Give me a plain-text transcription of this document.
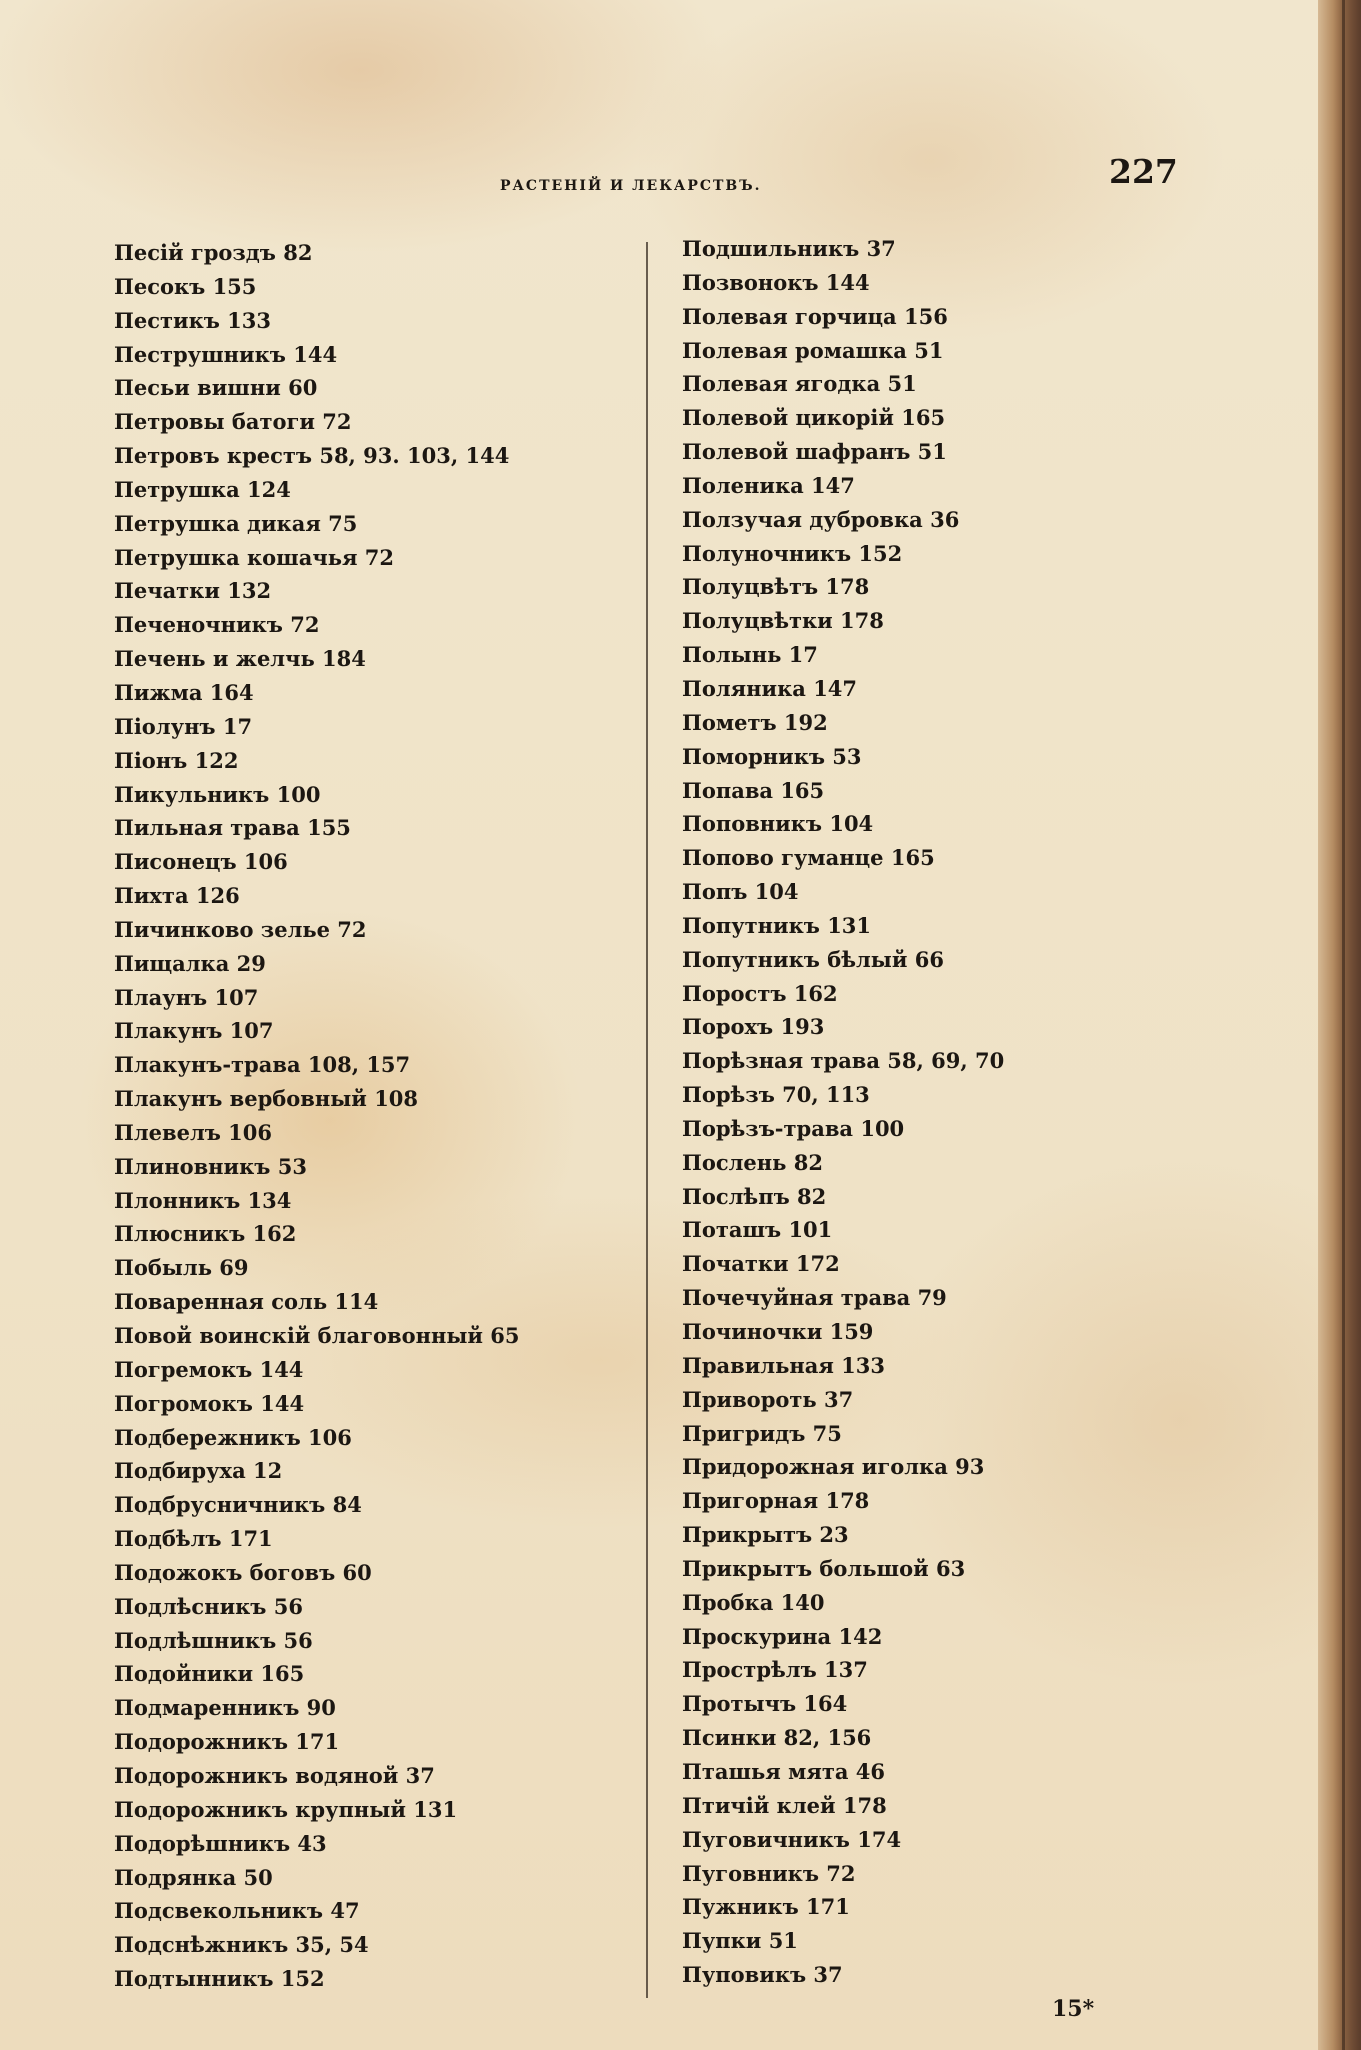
РАСТЕНIЙ И ЛЕКАРСТВЪ.	227
Песiй гроздъ 82
Песокъ 155
Пестикъ 133
Пеструшникъ 144
Песьи вишни 60
Петровы батоги 72
Петровъ крестъ 58, 93. 103, 144
Петрушка 124
Петрушка дикая 75
Петрушка кошачья 72
Печатки 132
Печеночникъ 72
Печень и желчь 184
Пижма 164
Пiолунъ 17
Пiонъ 122
Пикульникъ 100
Пильная трава 155
Писонецъ 106
Пихта 126
Пичинково зелье 72
Пищалка 29
Плаунъ 107
Плакунъ 107
Плакунъ-трава 108, 157
Плакунъ вербовный 108
Плевелъ 106
Плиновникъ 53
Плонникъ 134
Плюсникъ 162
Побыль 69
Поваренная соль 114
Повой воинскiй благовонный 65
Погремокъ 144
Погромокъ 144
Подбережникъ 106
Подбируха 12
Подбрусничникъ 84
Подбѣлъ 171
Подожокъ боговъ 60
Подлѣсникъ 56
Подлѣшникъ 56
Подойники 165
Подмаренникъ 90
Подорожникъ 171
Подорожникъ водяной 37
Подорожникъ крупный 131
Подорѣшникъ 43
Подрянка 50
Подсвекольникъ 47
Подснѣжникъ 35, 54
Подтынникъ 152
Подшильникъ 37
Позвонокъ 144
Полевая горчица 156
Полевая ромашка 51
Полевая ягодка 51
Полевой цикорiй 165
Полевой шафранъ 51
Поленика 147
Ползучая дубровка 36
Полуночникъ 152
Полуцвѣтъ 178
Полуцвѣтки 178
Полынь 17
Поляника 147
Пометъ 192
Поморникъ 53
Попава 165
Поповникъ 104
Попово гуманце 165
Попъ 104
Попутникъ 131
Попутникъ бѣлый 66
Поростъ 162
Порохъ 193
Порѣзная трава 58, 69, 70
Порѣзъ 70, 113
Порѣзъ-трава 100
Послень 82
Послѣпъ 82
Поташъ 101
Початки 172
Почечуйная трава 79
Починочки 159
Правильная 133
Привороть 37
Пригридъ 75
Придорожная иголка 93
Пригорная 178
Прикрытъ 23
Прикрытъ большой 63
Пробка 140
Проскурина 142
Прострѣлъ 137
Протычъ 164
Псинки 82, 156
Пташья мята 46
Птичiй клей 178
Пуговичникъ 174
Пуговникъ 72
Пужникъ 171
Пупки 51
Пуповикъ 37
15*
